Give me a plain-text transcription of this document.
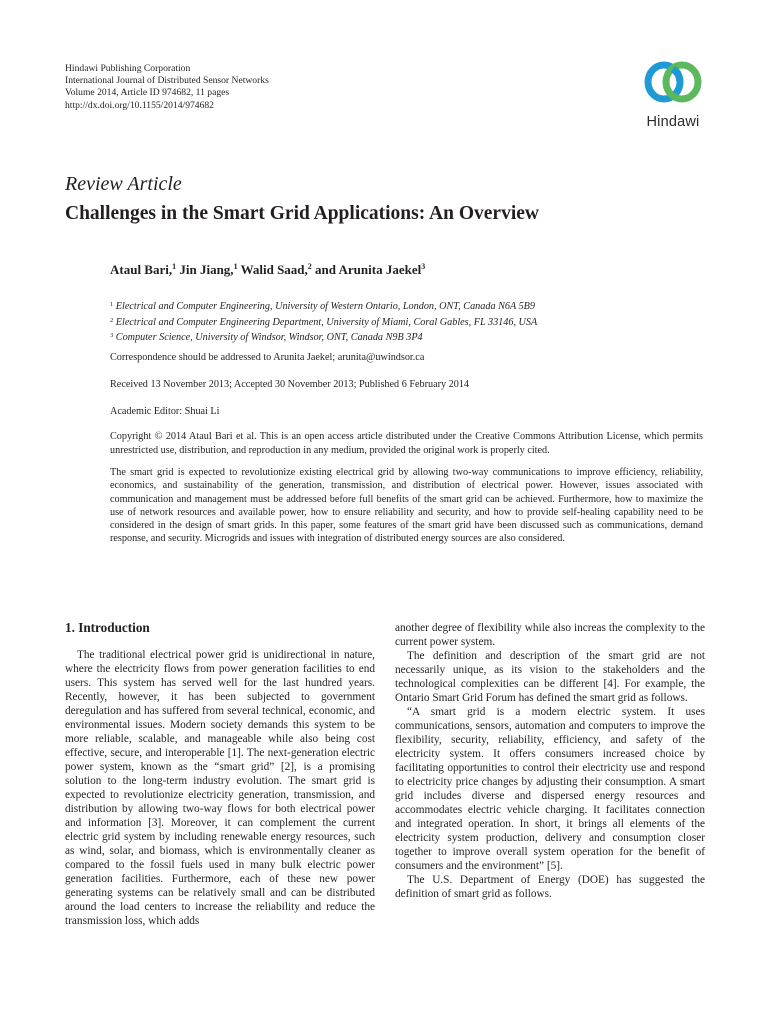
Hindawi Publishing Corporation
International Journal of Distributed Sensor Networks
Volume 2014, Article ID 974682, 11 pages
http://dx.doi.org/10.1155/2014/974682
Hindawi
Review Article
Challenges in the Smart Grid Applications: An Overview
Ataul Bari,$^1$ Jin Jiang,$^1$ Walid Saad,$^2$ and Arunita Jaekel$^3$
$^1$ Electrical and Computer Engineering, University of Western Ontario, London, ONT, Canada N6A 5B9
$^2$ Electrical and Computer Engineering Department, University of Miami, Coral Gables, FL 33146, USA
$^3$ Computer Science, University of Windsor, Windsor, ONT, Canada N9B 3P4
Correspondence should be addressed to Arunita Jaekel; arunita@uwindsor.ca
Received 13 November 2013; Accepted 30 November 2013; Published 6 February 2014
Academic Editor: Shuai Li
Copyright © 2014 Ataul Bari et al. This is an open access article distributed under the Creative Commons Attribution License, which permits unrestricted use, distribution, and reproduction in any medium, provided the original work is properly cited.
The smart grid is expected to revolutionize existing electrical grid by allowing two-way communications to improve efficiency, reliability, economics, and sustainability of the generation, transmission, and distribution of electrical power. However, issues associated with communication and management must be addressed before full benefits of the smart grid can be achieved. Furthermore, how to maximize the use of network resources and available power, how to ensure reliability and security, and how to provide self-healing capability need to be considered in the design of smart grids. In this paper, some features of the smart grid have been discussed such as communications, demand response, and security. Microgrids and issues with integration of distributed energy sources are also considered.
1. Introduction

The traditional electrical power grid is unidirectional in nature, where the electricity flows from power generation facilities to end users. This system has served well for the last hundred years. Recently, however, it has been subjected to government deregulation and has suffered from several technical, economic, and environmental issues. Modern society demands this system to be more reliable, scalable, and manageable while also being cost effective, secure, and interoperable [1]. The next-generation electric power system, known as the “smart grid” [2], is a promising solution to the long-term industry evolution. The smart grid is expected to revolutionize electricity generation, transmission, and distribution by allowing two-way flows for both electrical power and information [3]. Moreover, it can complement the current electric grid system by including renewable energy resources, such as wind, solar, and biomass, which is environmentally cleaner as compared to the fossil fuels used in many bulk electric power generation facilities. Furthermore, each of these new power generating systems can be relatively small and can be distributed around the load centers to increase the reliability and reduce the transmission loss, which adds

another degree of flexibility while also increas the complexity to the current power system.

The definition and description of the smart grid are not necessarily unique, as its vision to the stakeholders and the technological complexities can be different [4]. For example, the Ontario Smart Grid Forum has defined the smart grid as follows.

“A smart grid is a modern electric system. It uses communications, sensors, automation and computers to improve the flexibility, security, reliability, efficiency, and safety of the electricity system. It offers consumers increased choice by facilitating opportunities to control their electricity use and respond to electricity price changes by adjusting their consumption. A smart grid includes diverse and dispersed energy resources and accommodates electric vehicle charging. It facilitates connection and integrated operation. In short, it brings all elements of the electricity system production, delivery and consumption closer together to improve overall system operation for the benefit of consumers and the environment” [5].

The U.S. Department of Energy (DOE) has suggested the definition of smart grid as follows.
